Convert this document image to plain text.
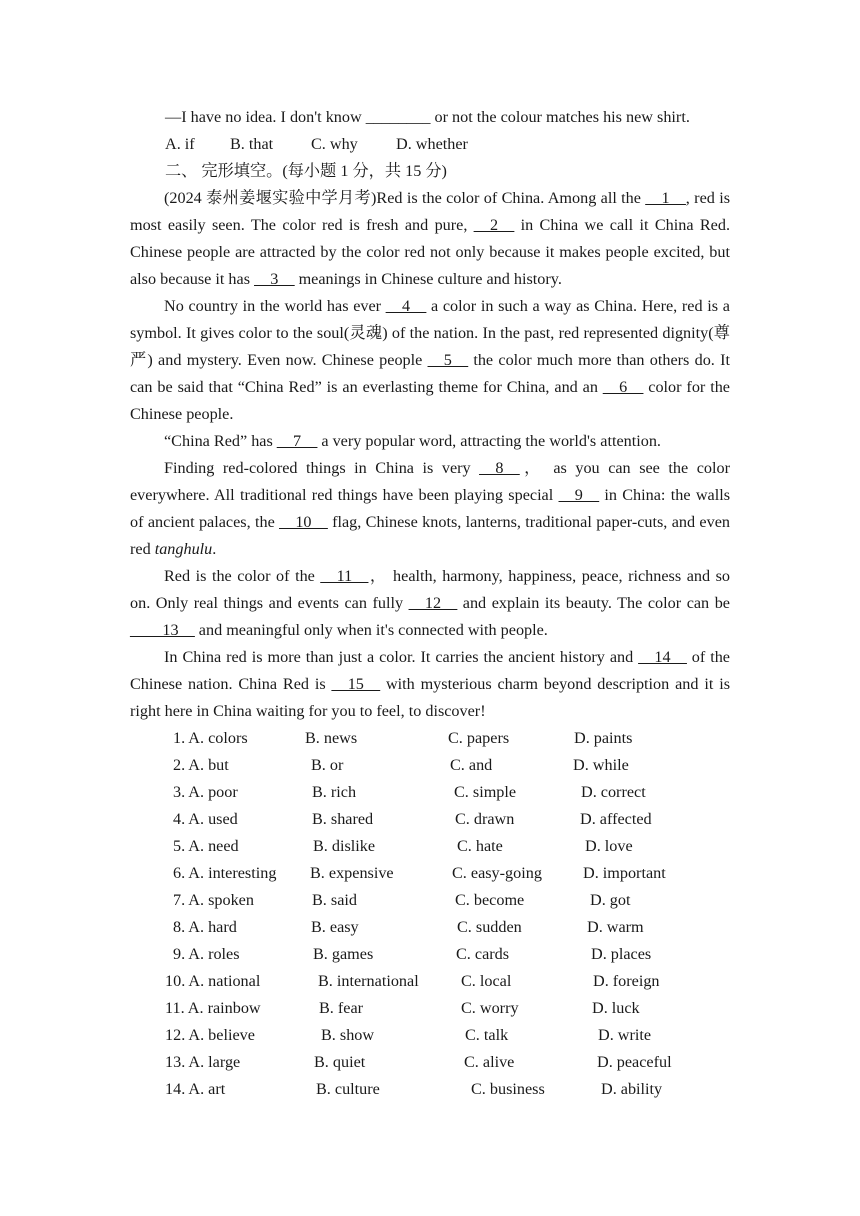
—I have no idea. I don't know ________ or not the colour matches his new shirt.

A. if B. that C. why D. whether

二、 完形填空。(每小题 1 分，共 15 分)

(2024 泰州姜堰实验中学月考)Red is the color of China. Among all the __1__, red is most easily seen. The color red is fresh and pure, __2__ in China we call it China Red. Chinese people are attracted by the color red not only because it makes people excited, but also because it has __3__ meanings in Chinese culture and history.

No country in the world has ever __4__ a color in such a way as China. Here, red is a symbol. It gives color to the soul(灵魂) of the nation. In the past, red represented dignity(尊严) and mystery. Even now. Chinese people __5__ the color much more than others do. It can be said that “China Red” is an everlasting theme for China, and an __6__ color for the Chinese people.

“China Red” has __7__ a very popular word, attracting the world's attention.

Finding red-colored things in China is very __8__， as you can see the color everywhere. All traditional red things have been playing special __9__ in China: the walls of ancient palaces, the __10__ flag, Chinese knots, lanterns, traditional paper-cuts, and even red tanghulu.

Red is the color of the __11__， health, harmony, happiness, peace, richness and so on. Only real things and events can fully __12__ and explain its beauty. The color can be ____13__ and meaningful only when it's connected with people.

In China red is more than just a color. It carries the ancient history and __14__ of the Chinese nation. China Red is __15__ with mysterious charm beyond description and it is right here in China waiting for you to feel, to discover!

1. A. colors	B. news	C. papers	D. paints
2. A. but	B. or	C. and	D. while
3. A. poor	B. rich	C. simple	D. correct
4. A. used	B. shared	C. drawn	D. affected
5. A. need	B. dislike	C. hate	D. love
6. A. interesting B. expensive	C. easy-going	D. important
7. A. spoken	B. said	C. become	D. got
8. A. hard	B. easy	C. sudden	D. warm
9. A. roles	B. games	C. cards	D. places
10. A. national	B. international	C. local	D. foreign
11. A. rainbow	B. fear	C. worry	D. luck
12. A. believe	B. show	C. talk	D. write
13. A. large	B. quiet	C. alive	D. peaceful
14. A. art	B. culture	C. business	D. ability
